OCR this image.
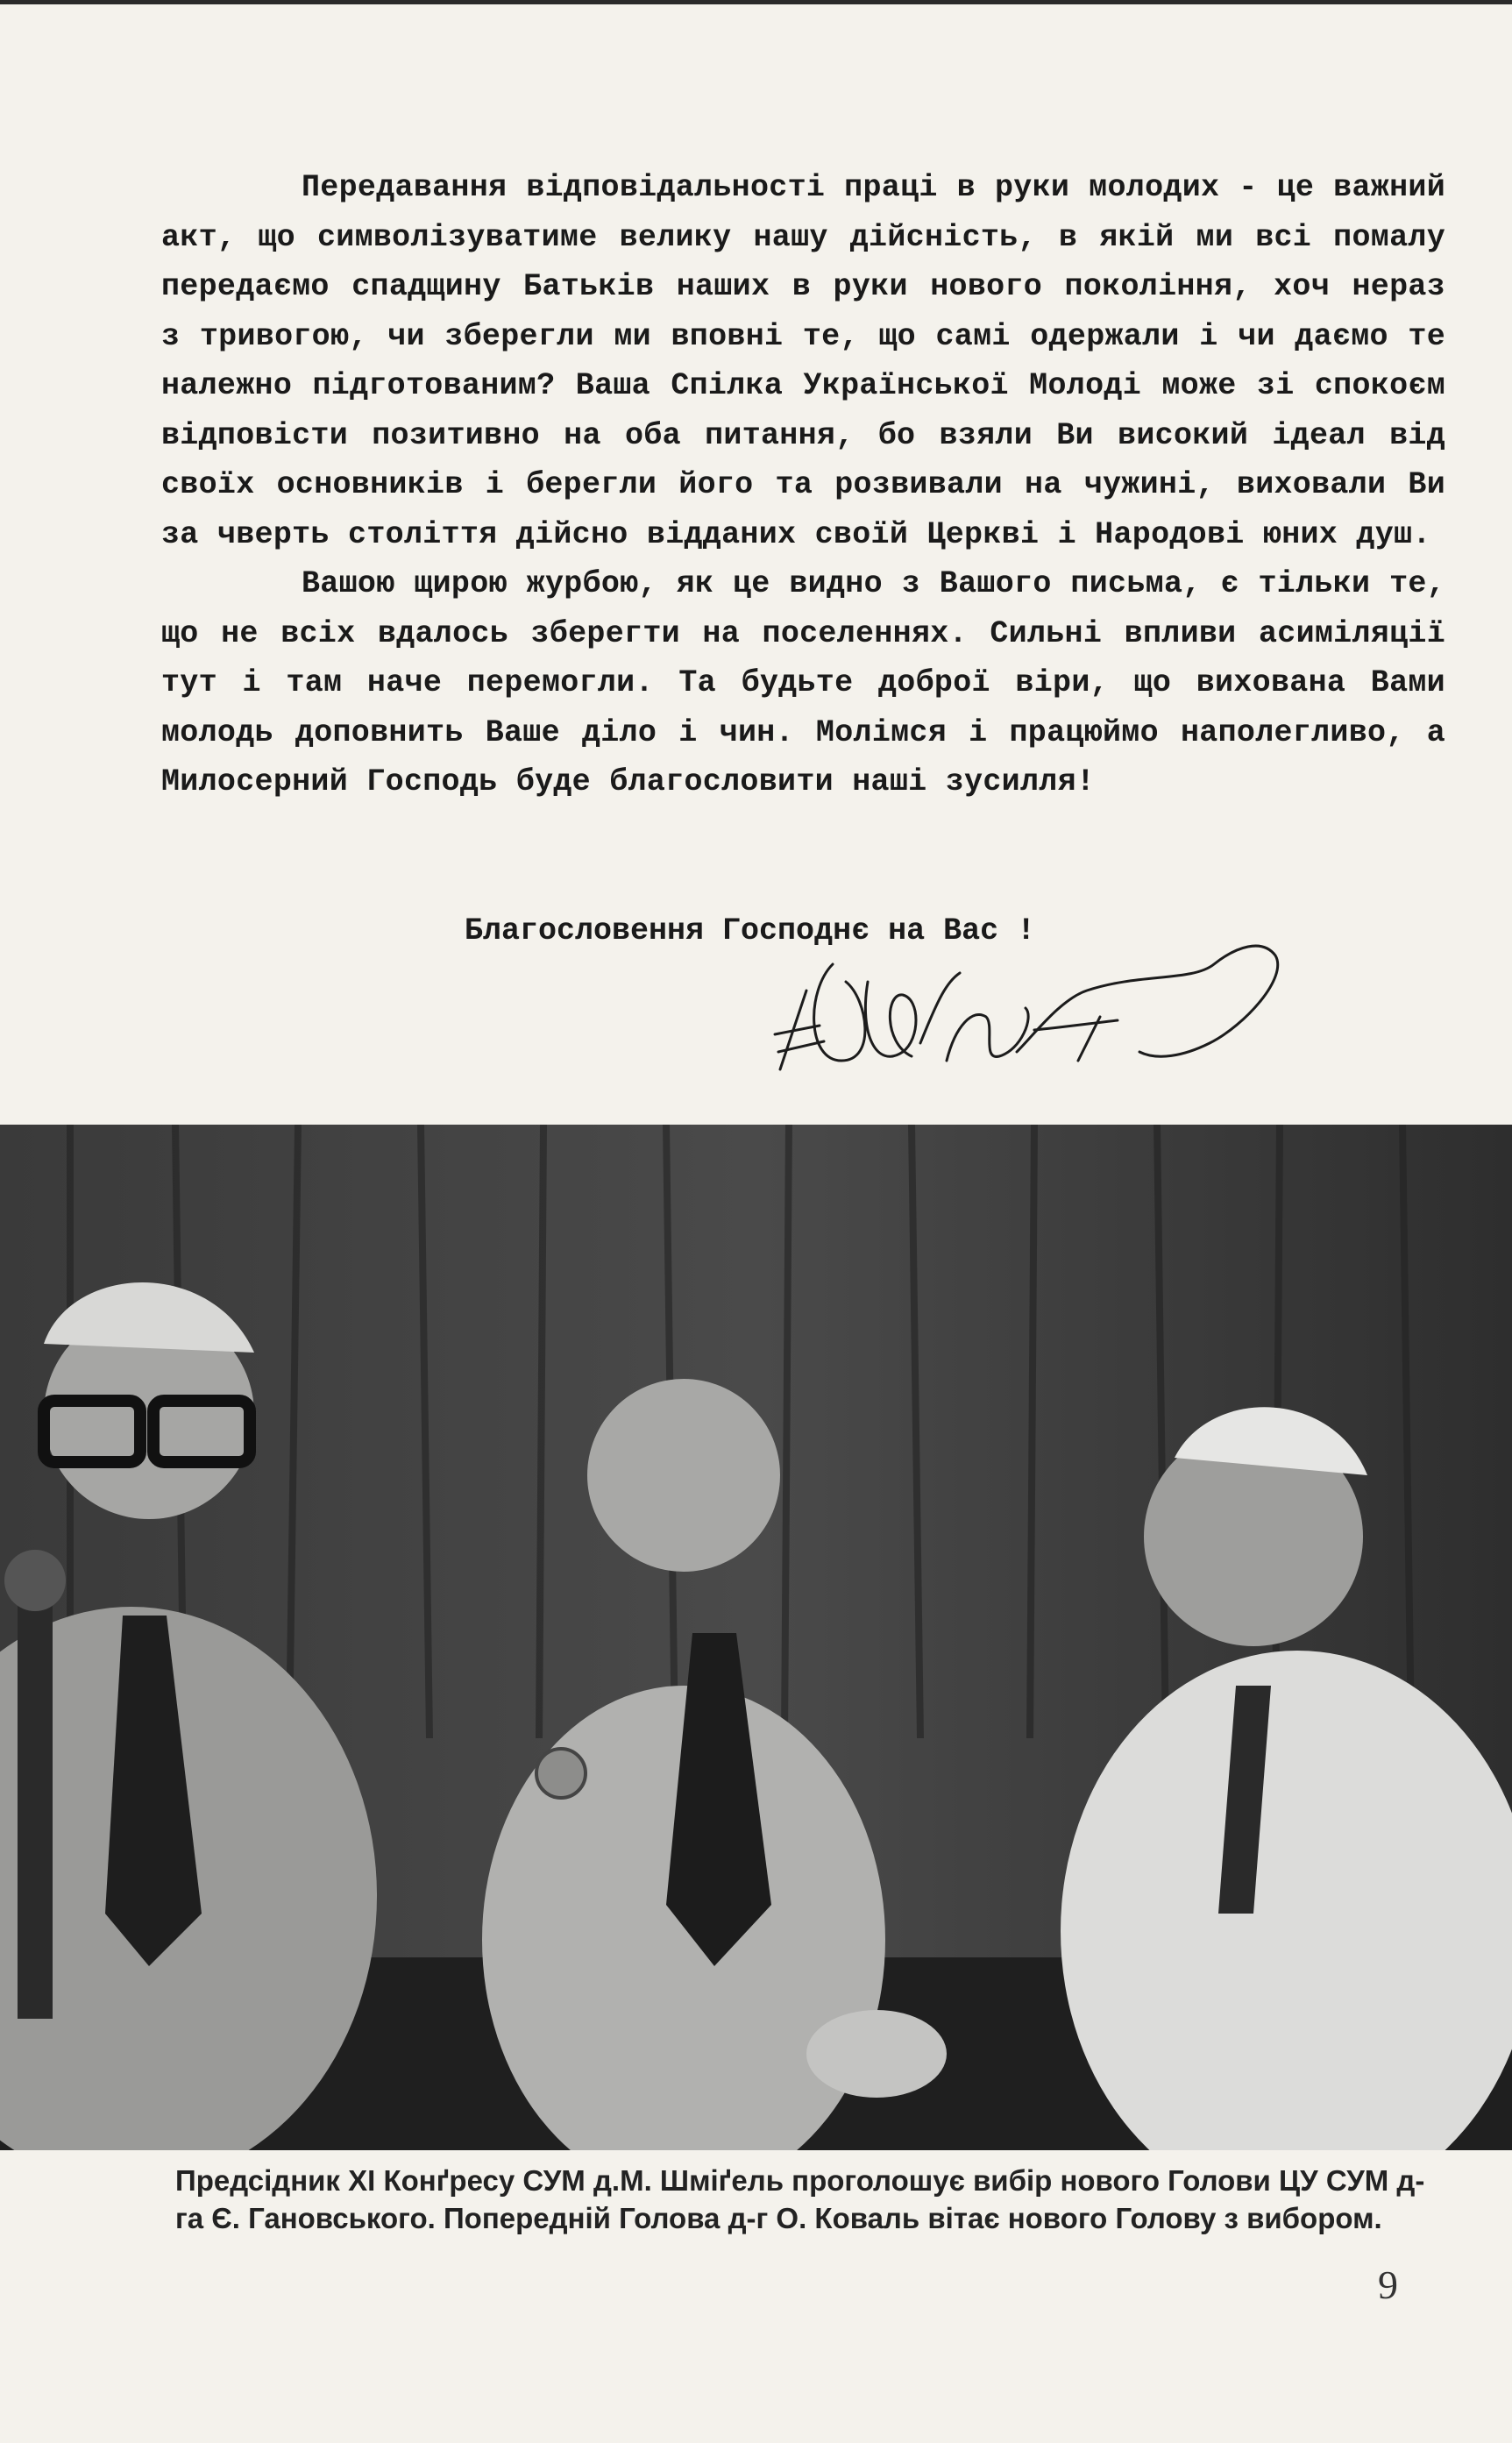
Передавання відповідальності праці в руки молодих - це важний акт, що символізуватиме велику нашу дійсність, в якій ми всі помалу передаємо спадщину Батьків наших в руки нового покоління, хоч нераз з тривогою, чи зберегли ми вповні те, що самі одержали і чи даємо те належно підготованим? Ваша Спілка Української Молоді може зі спокоєм відповісти позитивно на оба питання, бо взяли Ви високий ідеал від своїх основників і берегли його та розвивали на чужині, виховали Ви за чверть століття дійсно відданих своїй Церкві і Народові юних душ.

Вашою щирою журбою, як це видно з Вашого письма, є тільки те, що не всіх вдалось зберегти на поселеннях. Сильні впливи асиміляції тут і там наче перемогли. Та будьте доброї віри, що вихована Вами молодь доповнить Ваше діло і чин. Молімся і працюймо наполегливо, а Милосерний Господь буде благословити наші зусилля!

Благословення Господнє на Вас !
Предсідник XI Конґресу СУМ д.М. Шміґель проголошує вибір нового Голови ЦУ СУМ д-га Є. Гановського. Попередній Голова д-г О. Коваль вітає нового Голову з вибором.
9
